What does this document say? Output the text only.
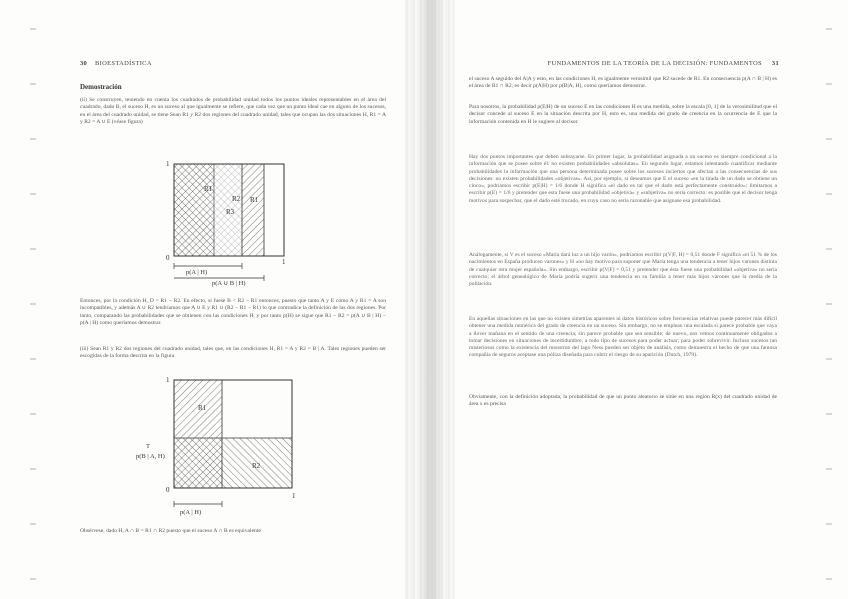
30 BIOESTADÍSTICA
Demostración
(ii) Se construyen, teniendo en cuenta los cuadrados de probabilidad unidad todos los puntos ideales representables en el área del cuadrado, dado B, el suceso H, es un suceso al que igualmente se refiere, que cada vez que un punto ideal cae en alguno de los sucesos, en el área del cuadrado unidad, se tiene Sean R1 y R2 dos regiones del cuadrado unidad, tales que ocupan las dos situaciones H, R1 = A y R2 = A ∪ E (véase figura)
1
0	1
R1
R2
R3
R1
p(A | H)
p(A ∪ B | H)
Entonces, por la condición H, D = R1 − R2. En efecto, si fuese B < R2 − R1 entonces, puesto que tanto A y E como A y R1 = A son incompatibles, y además A ∪ R2 tendríamos que A ∪ E y R1 ∪ (R2 − R1 − R1) lo que contradice la definición de las dos regiones. Por tanto, comparando las probabilidades que se obtienen con las condiciones H, y por tanto p(H) se sigue que R1 − R2 = p(A ∪ B | H) − p(A | H) como queríamos demostrar.
(iii) Sean R1 y R2 dos regiones del cuadrado unidad, tales que, en las condiciones H, R1 = A y R2 = B | A. Tales regiones pueden ser escogidas de la forma descrita en la figura
1
0
1
R1
R2
T
p(B | A, H)
p(A | H)
Obsérvese, dado H, A ∩ B = R1 ∩ R2 puesto que el suceso A ∩ B es equivalente
FUNDAMENTOS DE LA TEORÍA DE LA DECISIÓN: FUNDAMENTOS 31
el suceso A seguido del A|A y esto, en las condiciones H, es igualmente verosímil que R2 sucede de R1. En consecuencia p(A ∩ B | H) es el área de R1 ∩ R2, es decir p(A|H) por p(B|A, H), como queríamos demostrar.
Para nosotros, la probabilidad p(E|H) de un suceso E en las condiciones H es una medida, sobre la escala [0, 1] de la verosimilitud que el decisor concede al suceso E en la situación descrita por H, esto es, una medida del grado de creencia en la ocurrencia de E que la información contenida en H le sugiere al decisor.
Hay dos puntos importantes que deben subrayarse. En primer lugar, la probabilidad asignada a un suceso es siempre condicional a la información que se posee sobre él: no existen probabilidades «absolutas». En segundo lugar, estamos intentando cuantificar mediante probabilidades la información que una persona determinada posee sobre los sucesos inciertos que afectan a las consecuencias de sus decisiones: no existen probabilidades «objetivas». Así, por ejemplo, si deseamos que E el suceso «en la tirada de un dado se obtiene un cinco», podríamos escribir p(E|H) = 1/6 donde H significa «el dado es tal que el dado está perfectamente construido»; limitarnos a escribir p(E) = 1/6 y pretender que esta fuese una probabilidad «objetiva» y «subjetiva» no sería correcto: es posible que el decisor tenga motivos para sospechar, que el dado esté trucado, en cuyo caso no sería razonable que asignase esa probabilidad.
Análogamente, si V es el suceso «María dará luz a un hijo varón», podríamos escribir p(V|F, H) = 0,51 donde F significa «el 51 % de los nacimientos en España producen varones» y H «no hay motivo para suponer que María tenga una tendencia a tener hijos varones distinta de cualquier otra mujer española». Sin embargo, escribir p(V|F) = 0,51 y pretender que ésta fuese una probabilidad «objetiva» no sería correcto; el árbol genealógico de María podría sugerir una tendencia en su familia a tener más hijos varones que la media de la población.
En aquellas situaciones en las que no existen simetrías aparentes ni datos históricos sobre frecuencias relativas puede parecer más difícil obtener una medida numérica del grado de creencia en un suceso. Sin embargo, no se emplean una escalada si parece probable que vaya a llover mañana en el sentido de una creencia; sin parece probable que sea sensible; de nuevo, nos vemos continuamente obligados a tomar decisiones en situaciones de incertidumbre, a todo tipo de sucesos para poder actuar; para poder sobrevivir. Incluso sucesos tan misteriosos como la existencia del monstruo del lago Ness pueden ser objeto de análisis, como demuestra el hecho de que una famosa compañía de seguros aceptase una póliza diseñada para cubrir el riesgo de su aparición (Dutch, 1979).
Obviamente, con la definición adoptada, la probabilidad de que un punto aleatorio se sitúe en una región R(x) del cuadrado unidad de área x es precisa
